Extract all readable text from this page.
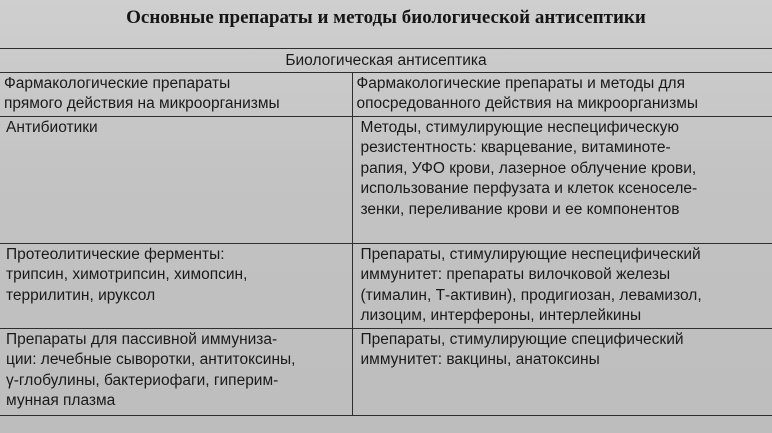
Основные препараты и методы биологической антисептики
Биологическая антисептика	

Фармакологические препараты
прямого действия на микроорганизмы	Фармакологические препараты и методы для
опосредованного действия на микроорганизмы

Антибиотики	Методы, стимулирующие неспецифическую
резистентность: кварцевание, витаминоте-
рапия, УФО крови, лазерное облучение крови,
использование перфузата и клеток ксеноселе-
зенки, переливание крови и ее компонентов

Протеолитические ферменты:
трипсин, химотрипсин, химопсин,
террилитин, ируксол	Препараты, стимулирующие неспецифический
иммунитет: препараты вилочковой железы
(тималин, Т-активин), продигиозан, левамизол,
лизоцим, интерфероны, интерлейкины

Препараты для пассивной иммуниза-
ции: лечебные сыворотки, антитоксины,
γ-глобулины, бактериофаги, гиперим-
мунная плазма	Препараты, стимулирующие специфический
иммунитет: вакцины, анатоксины
